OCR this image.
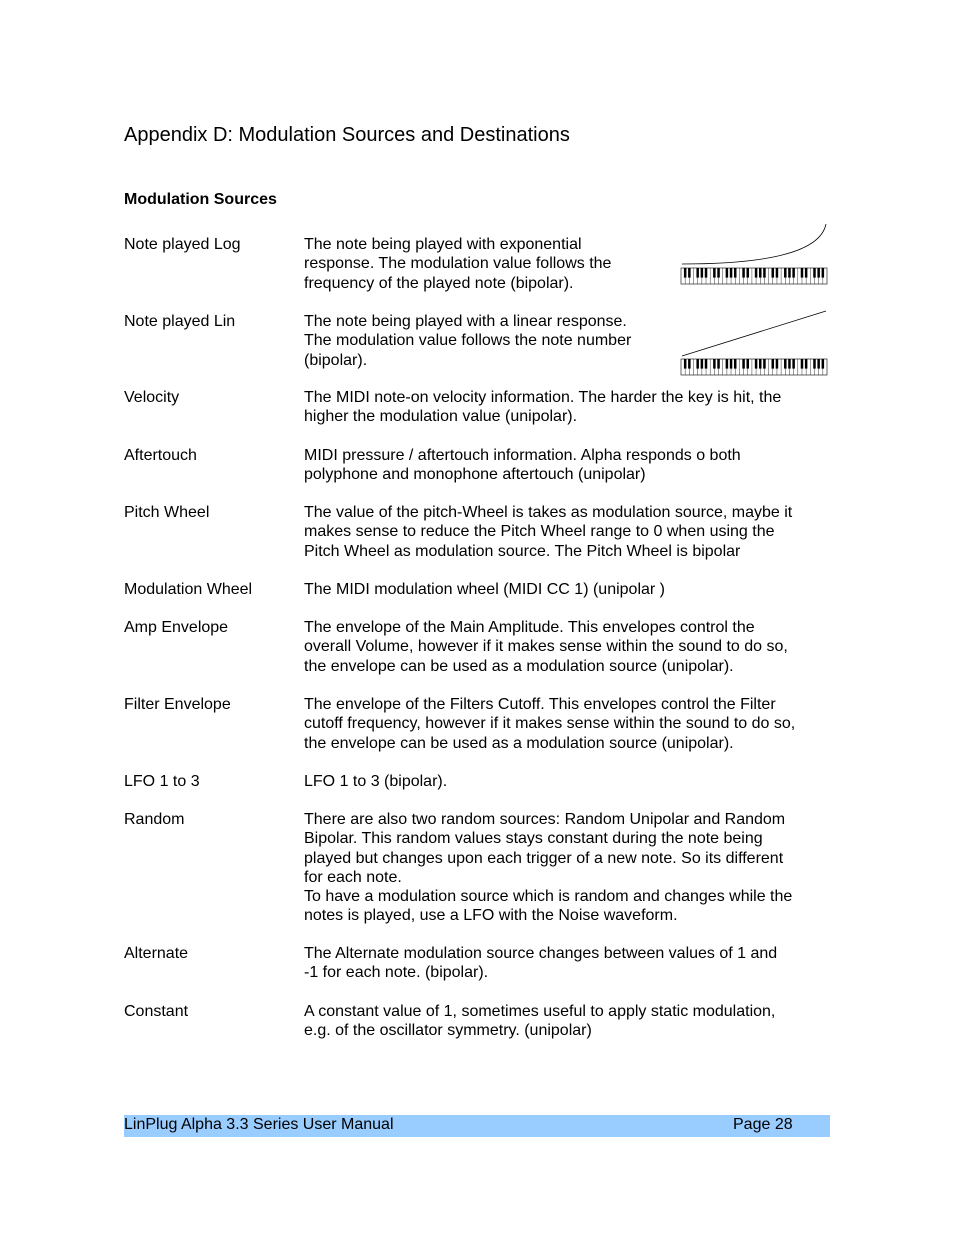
Appendix D: Modulation Sources and Destinations
Modulation Sources
Note played Log	The note being played with exponential
response. The modulation value follows the
frequency of the played note (bipolar).
Note played Lin	The note being played with a linear response.
The modulation value follows the note number
(bipolar).
Velocity	The MIDI note-on velocity information. The harder the key is hit, the
higher the modulation value (unipolar).
Aftertouch	MIDI pressure / aftertouch information. Alpha responds o both
polyphone and monophone aftertouch (unipolar)
Pitch Wheel	The value of the pitch-Wheel is takes as modulation source, maybe it
makes sense to reduce the Pitch Wheel range to 0 when using the
Pitch Wheel as modulation source. The Pitch Wheel is bipolar
Modulation Wheel	The MIDI modulation wheel (MIDI CC 1) (unipolar )
Amp Envelope	The envelope of the Main Amplitude. This envelopes control the
overall Volume, however if it makes sense within the sound to do so,
the envelope can be used as a modulation source (unipolar).
Filter Envelope	The envelope of the Filters Cutoff. This envelopes control the Filter
cutoff frequency, however if it makes sense within the sound to do so,
the envelope can be used as a modulation source (unipolar).
LFO 1 to 3	LFO 1 to 3 (bipolar).
Random	There are also two random sources: Random Unipolar and Random
Bipolar. This random values stays constant during the note being
played but changes upon each trigger of a new note. So its different
for each note.
To have a modulation source which is random and changes while the
notes is played, use a LFO with the Noise waveform.
Alternate	The Alternate modulation source changes between values of 1 and
-1 for each note. (bipolar).
Constant	A constant value of 1, sometimes useful to apply static modulation,
e.g. of the oscillator symmetry. (unipolar)
LinPlug Alpha 3.3 Series User Manual	Page 28
